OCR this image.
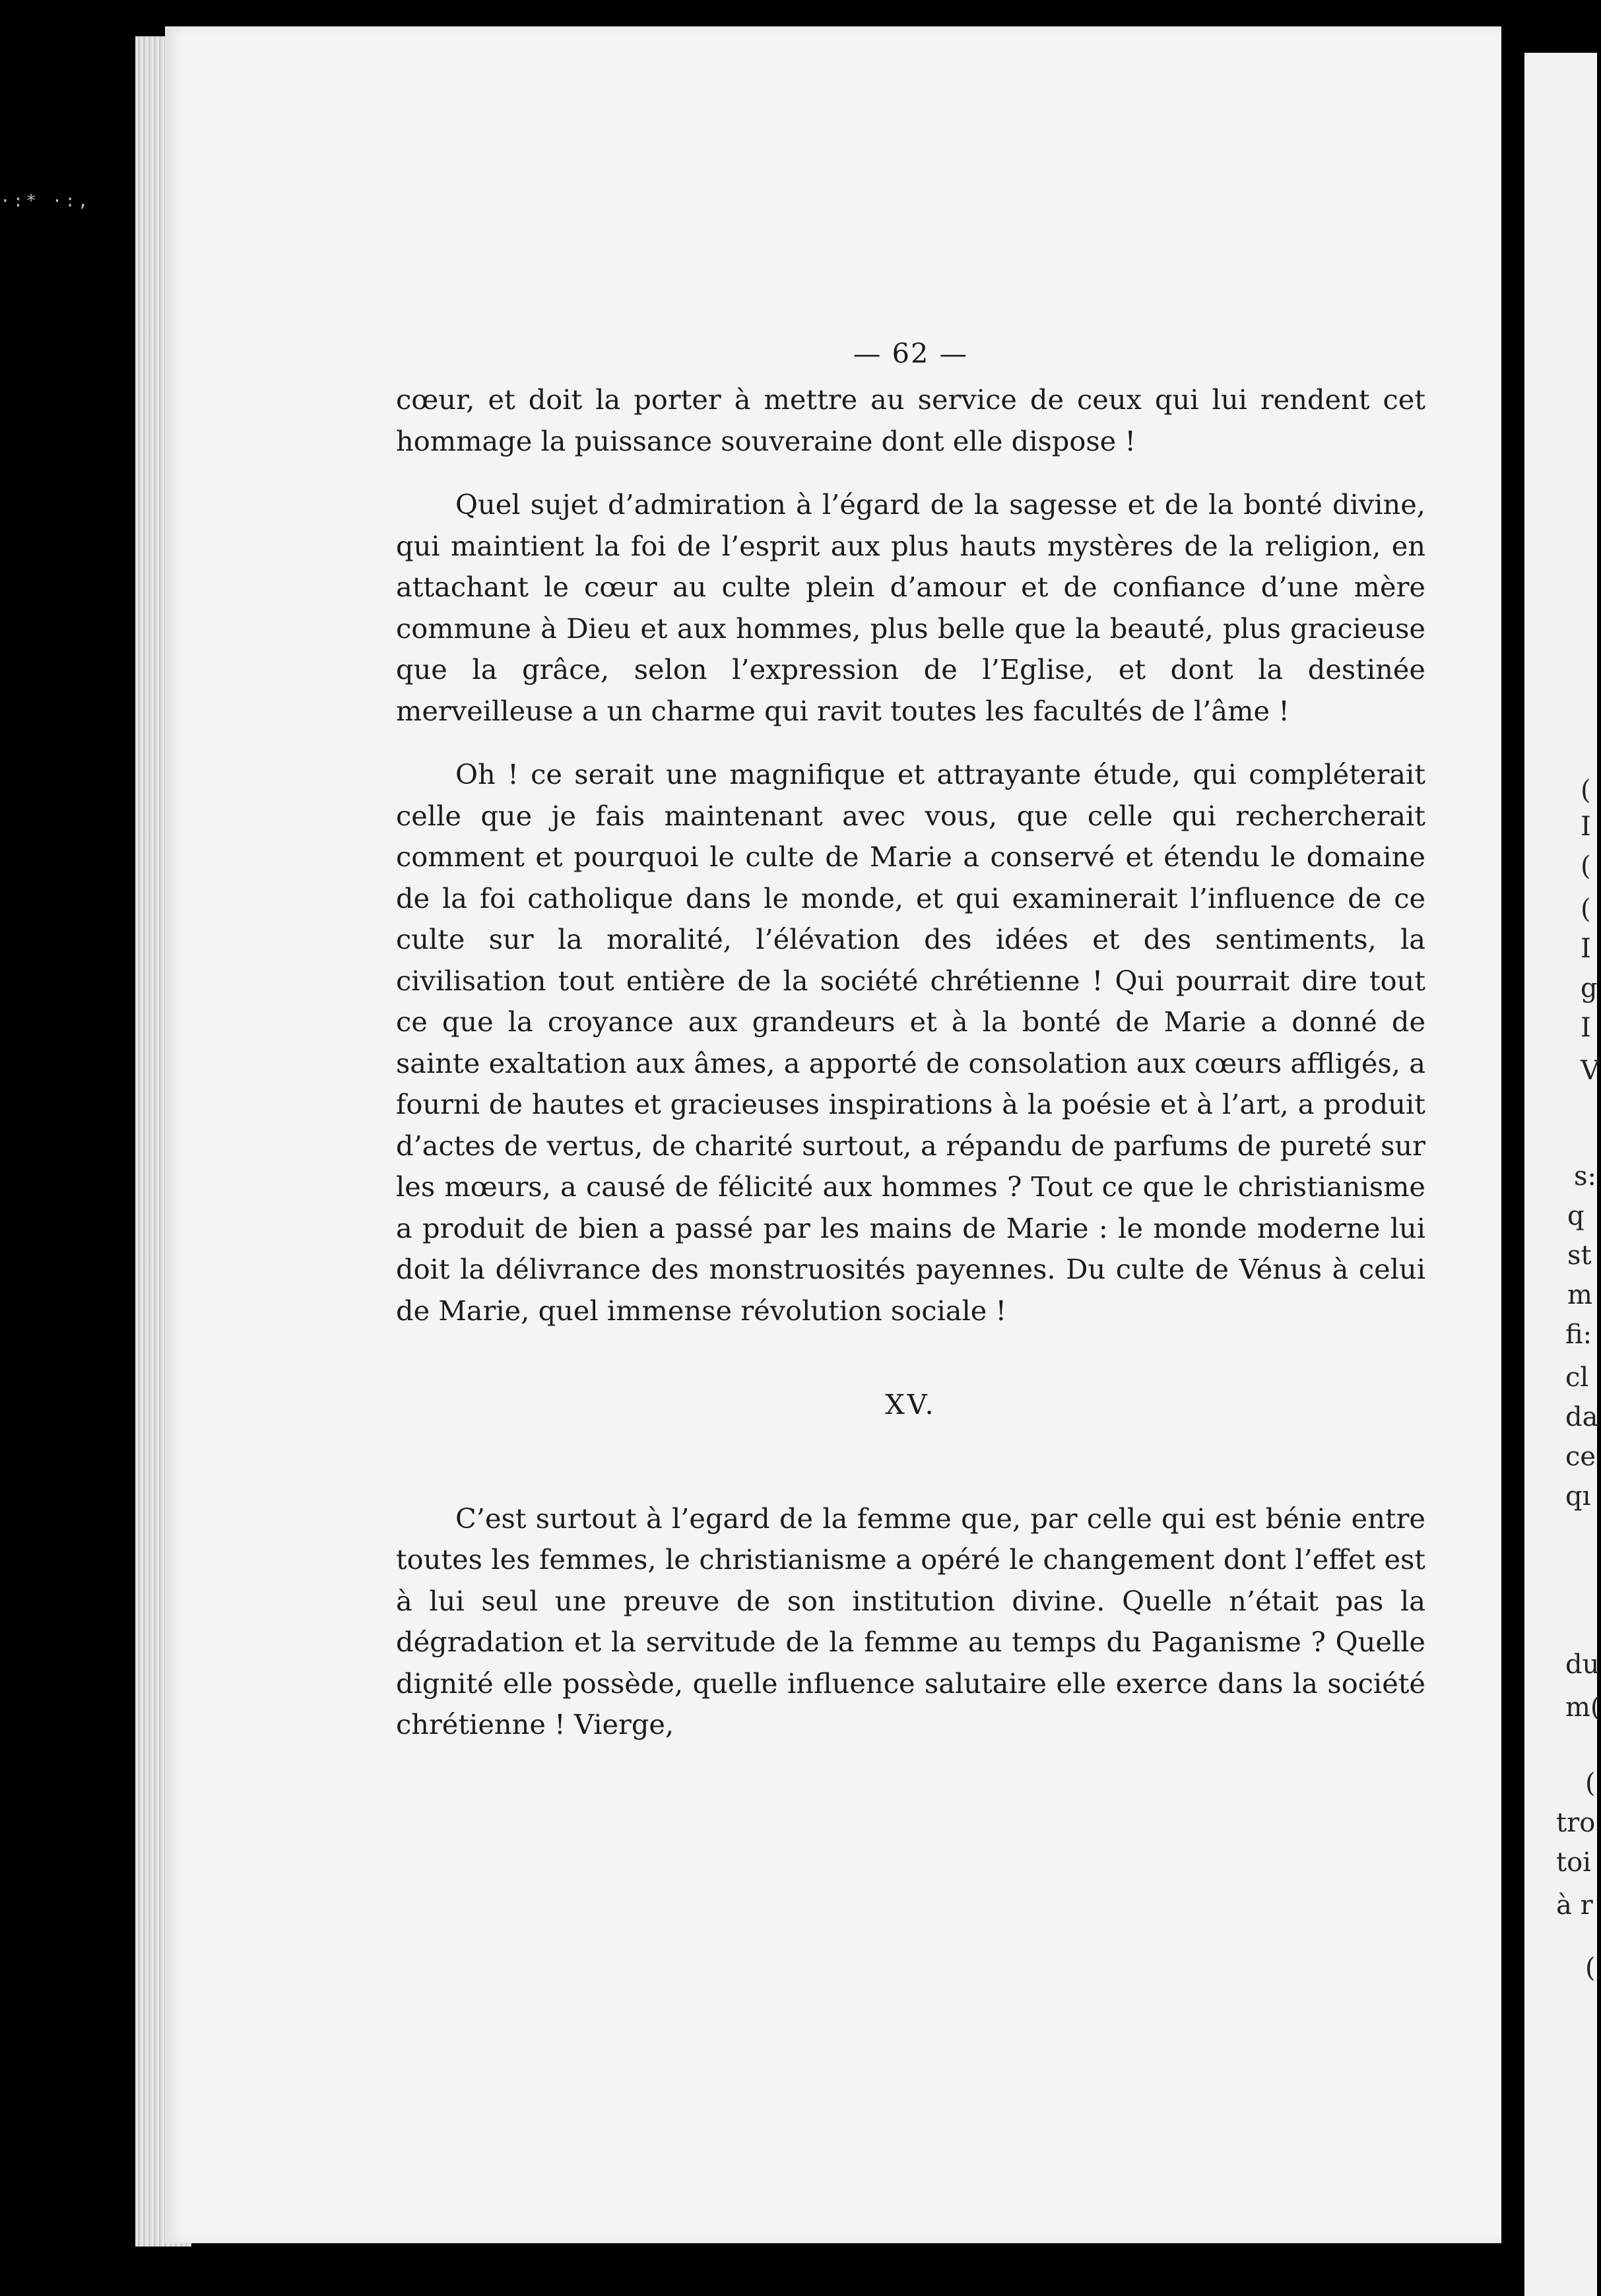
·:* ·:,
— 62 —

cœur, et doit la porter à mettre au service de ceux qui lui rendent cet hommage la puissance souveraine dont elle dispose !

Quel sujet d’admiration à l’égard de la sagesse et de la bonté divine, qui maintient la foi de l’esprit aux plus hauts mystères de la religion, en attachant le cœur au culte plein d’amour et de confiance d’une mère commune à Dieu et aux hommes, plus belle que la beauté, plus gracieuse que la grâce, selon l’expression de l’Eglise, et dont la destinée merveilleuse a un charme qui ravit toutes les facultés de l’âme !

Oh ! ce serait une magnifique et attrayante étude, qui compléterait celle que je fais maintenant avec vous, que celle qui rechercherait comment et pourquoi le culte de Marie a conservé et étendu le domaine de la foi catholique dans le monde, et qui examinerait l’influence de ce culte sur la moralité, l’élévation des idées et des sentiments, la civilisation tout entière de la société chrétienne ! Qui pourrait dire tout ce que la croyance aux grandeurs et à la bonté de Marie a donné de sainte exaltation aux âmes, a apporté de consolation aux cœurs affligés, a fourni de hautes et gracieuses inspirations à la poésie et à l’art, a produit d’actes de vertus, de charité surtout, a répandu de parfums de pureté sur les mœurs, a causé de félicité aux hommes ? Tout ce que le christianisme a produit de bien a passé par les mains de Marie : le monde moderne lui doit la délivrance des monstruosités payennes. Du culte de Vénus à celui de Marie, quel immense révolution sociale !

XV.

C’est surtout à l’egard de la femme que, par celle qui est bénie entre toutes les femmes, le christianisme a opéré le changement dont l’effet est à lui seul une preuve de son institution divine. Quelle n’était pas la dégradation et la servitude de la femme au temps du Paganisme ? Quelle dignité elle possède, quelle influence salutaire elle exerce dans la société chrétienne ! Vierge,

(
I
(
(
I
g
I
V
s:
q
st
m
fi:
cl
da
ce
qı
du
m(
(
tro
toi
à r
(
